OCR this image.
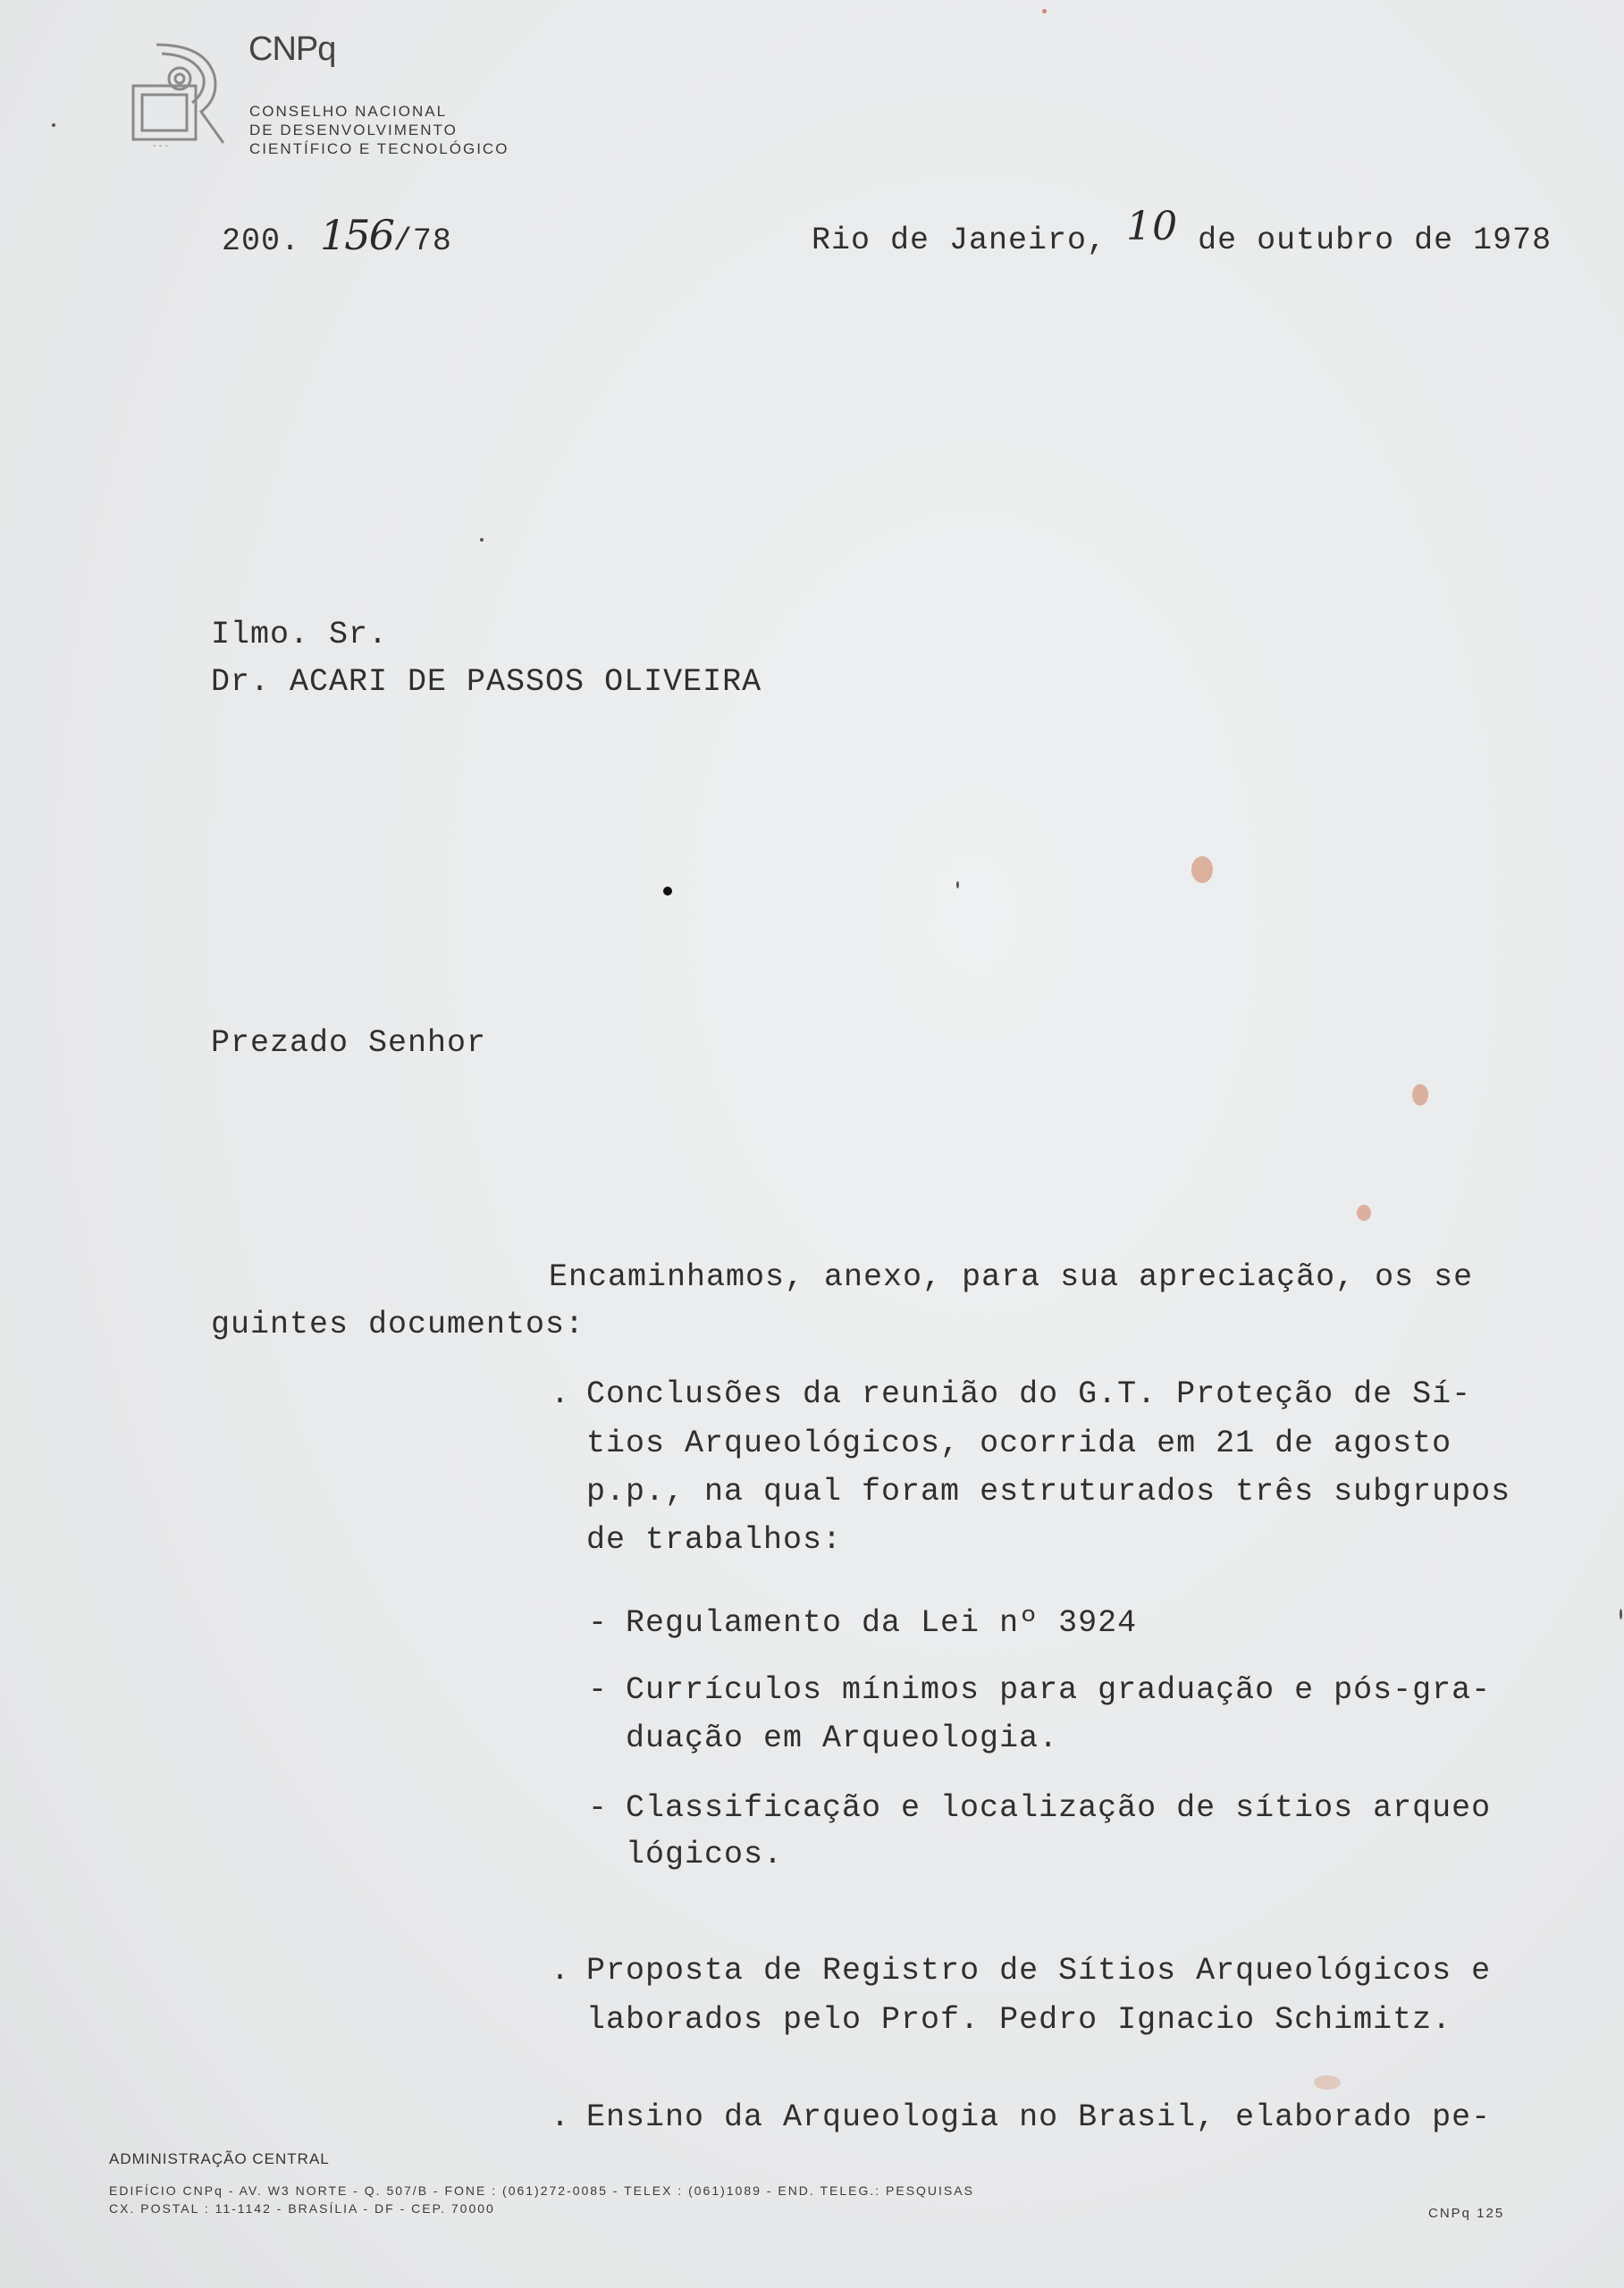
- - -
CNPq
CONSELHO NACIONAL
DE DESENVOLVIMENTO
CIENTÍFICO E TECNOLÓGICO
200. 156/78	Rio de Janeiro, 10 de outubro de 1978
Ilmo. Sr.
Dr. ACARI DE PASSOS OLIVEIRA
Prezado Senhor
Encaminhamos, anexo, para sua apreciação, os se
guintes documentos:
. Conclusões da reunião do G.T. Proteção de Sí-
tios Arqueológicos, ocorrida em 21 de agosto
p.p., na qual foram estruturados três subgrupos
de trabalhos:
- Regulamento da Lei nº 3924
- Currículos mínimos para graduação e pós-gra-
duação em Arqueologia.
- Classificação e localização de sítios arqueo
lógicos.
. Proposta de Registro de Sítios Arqueológicos e
laborados pelo Prof. Pedro Ignacio Schimitz.
. Ensino da Arqueologia no Brasil, elaborado pe-
ADMINISTRAÇÃO CENTRAL
EDIFÍCIO CNPq - AV. W3 NORTE - Q. 507/B - FONE : (061)272-0085 - TELEX : (061)1089 - END. TELEG.: PESQUISAS
CX. POSTAL : 11-1142 - BRASÍLIA - DF - CEP. 70000	CNPq 125
